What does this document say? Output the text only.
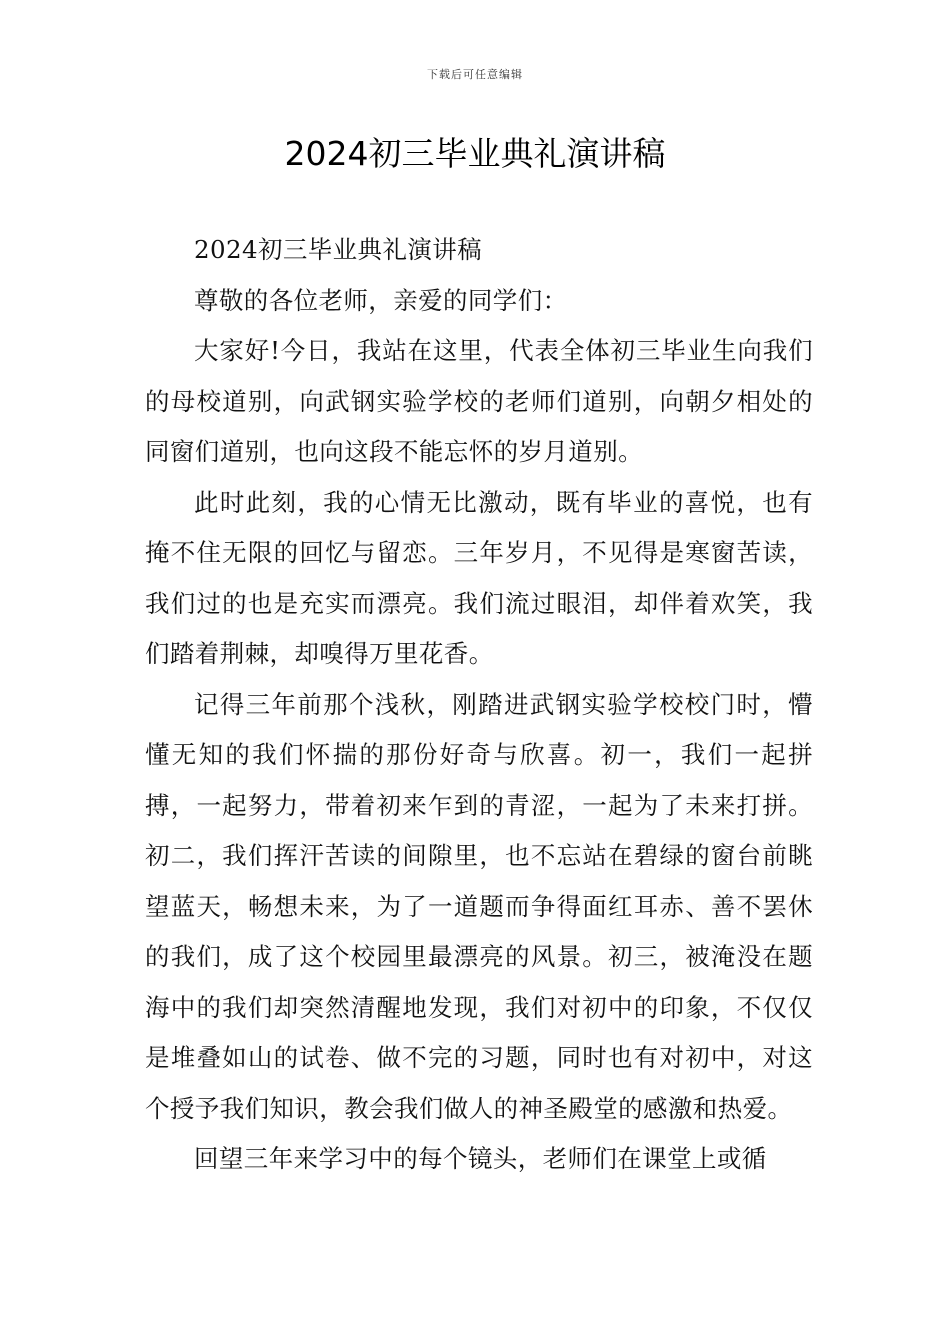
下载后可任意编辑
2024初三毕业典礼演讲稿

2024初三毕业典礼演讲稿

尊敬的各位老师，亲爱的同学们：

大家好!今日，我站在这里，代表全体初三毕业生向我们的母校道别，向武钢实验学校的老师们道别，向朝夕相处的同窗们道别，也向这段不能忘怀的岁月道别。

此时此刻，我的心情无比激动，既有毕业的喜悦，也有掩不住无限的回忆与留恋。三年岁月，不见得是寒窗苦读，我们过的也是充实而漂亮。我们流过眼泪，却伴着欢笑，我们踏着荆棘，却嗅得万里花香。

记得三年前那个浅秋，刚踏进武钢实验学校校门时，懵懂无知的我们怀揣的那份好奇与欣喜。初一，我们一起拼搏，一起努力，带着初来乍到的青涩，一起为了未来打拼。初二，我们挥汗苦读的间隙里，也不忘站在碧绿的窗台前眺望蓝天，畅想未来，为了一道题而争得面红耳赤、善不罢休的我们，成了这个校园里最漂亮的风景。初三，被淹没在题海中的我们却突然清醒地发现，我们对初中的印象，不仅仅是堆叠如山的试卷、做不完的习题，同时也有对初中，对这个授予我们知识，教会我们做人的神圣殿堂的感激和热爱。

回望三年来学习中的每个镜头，老师们在课堂上或循
